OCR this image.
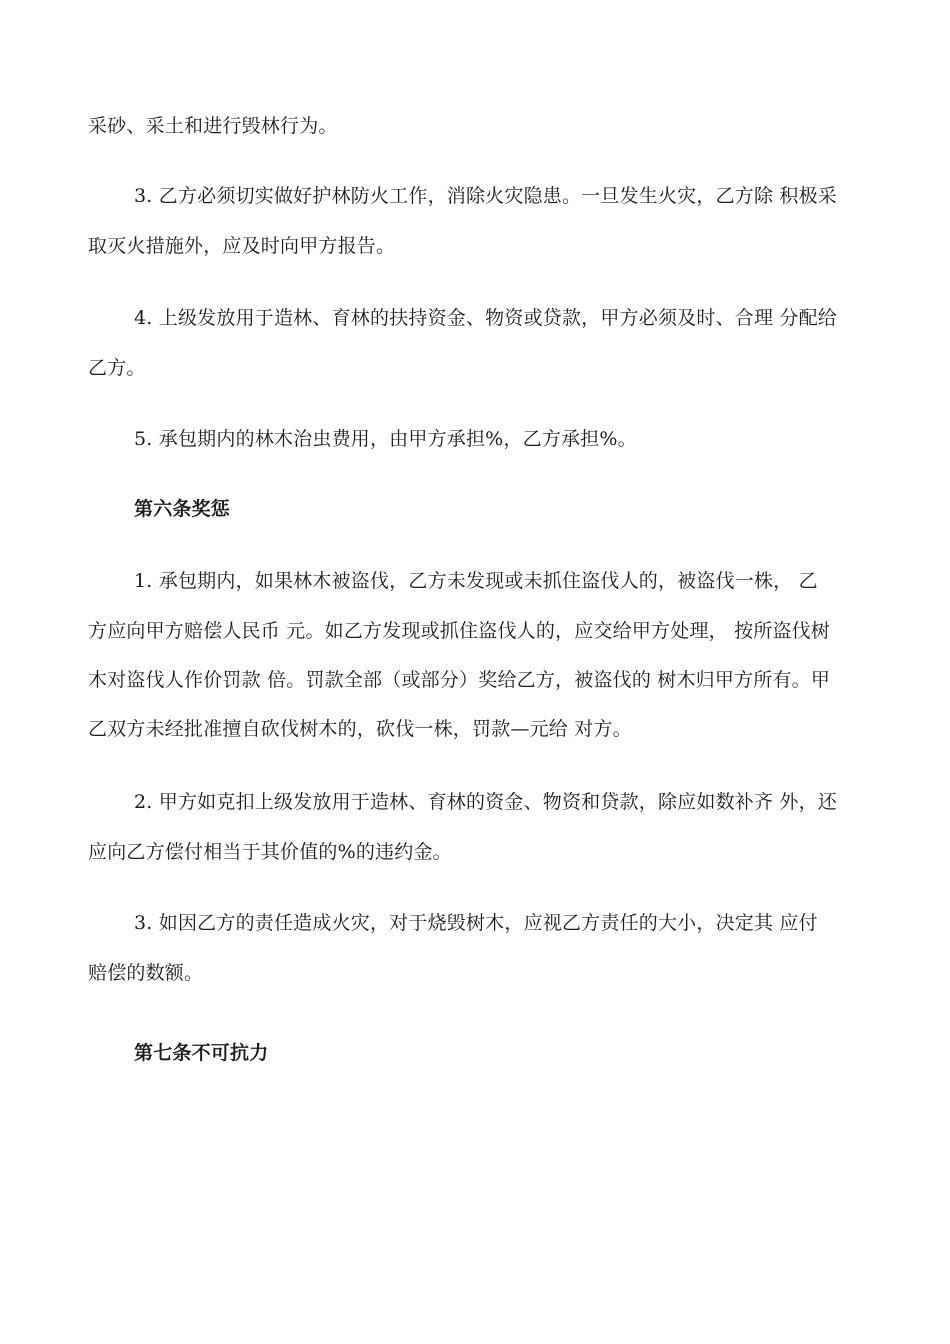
采砂、采土和进行毁林行为。
3. 乙方必须切实做好护林防火工作，消除火灾隐患。一旦发生火灾，乙方除 积极采
取灭火措施外，应及时向甲方报告。
4. 上级发放用于造林、育林的扶持资金、物资或贷款，甲方必须及时、合理 分配给
乙方。
5. 承包期内的林木治虫费用，由甲方承担%，乙方承担%。
第六条奖惩
1. 承包期内，如果林木被盗伐，乙方未发现或未抓住盗伐人的，被盗伐一株， 乙
方应向甲方赔偿人民币 元。如乙方发现或抓住盗伐人的，应交给甲方处理， 按所盗伐树
木对盗伐人作价罚款 倍。罚款全部（或部分）奖给乙方，被盗伐的 树木归甲方所有。甲
乙双方未经批准擅自砍伐树木的，砍伐一株，罚款—元给 对方。
2. 甲方如克扣上级发放用于造林、育林的资金、物资和贷款，除应如数补齐 外，还
应向乙方偿付相当于其价值的%的违约金。
3. 如因乙方的责任造成火灾，对于烧毁树木，应视乙方责任的大小，决定其 应付
赔偿的数额。
第七条不可抗力
